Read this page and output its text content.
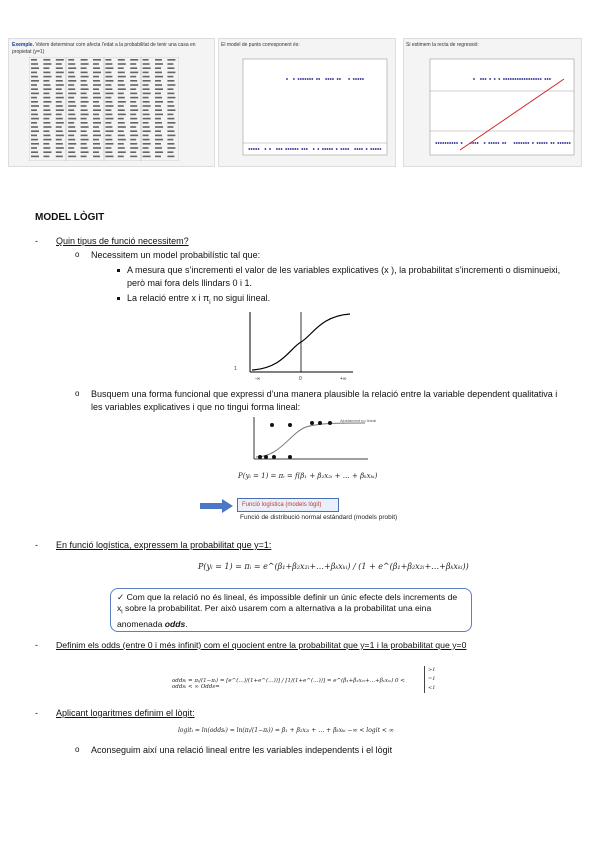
Exemple. Volem determinar com afecta l'edat a la probabilitat de tenir una casa en propietat (y=1)
El model de punts corresponent és:	Si estimem la recta de regressió:
MODEL LÒGIT
- Quin tipus de funció necessitem?
o Necessitem un model probabilístic tal que:
A mesura que s’incrementi el valor de les variables explicatives (x ), la probabilitat s’incrementi o disminueixi, però mai fora dels llindars 0 i 1.
La relació entre x i $\pi_i$ no sigui lineal.
1
-∞	0	+∞
o Busquem una forma funcional que expressi d’una manera plausible la relació entre la variable dependent qualitativa i les variables explicatives i que no tingui forma lineal:
Ajustament no lineal
P(yᵢ = 1) = πᵢ = f(β₁ + β₂x₂ᵢ + … + βₖxₖᵢ)
Funció logística (models lògit)
Funció de distribució normal estàndard (models probit)
- En funció logística, expressem la probabilitat que y=1:
P(yᵢ = 1) = πᵢ = e^(β₁+β₂x₂ᵢ+…+βₖxₖᵢ) / (1 + e^(β₁+β₂x₂ᵢ+…+βₖxₖᵢ))
✓ Com que la relació no és lineal, és impossible definir un únic efecte dels increments de $x_i$ sobre la probabilitat. Per això usarem com a alternativa a la probabilitat una eina anomenada odds.
- Definim els odds (entre 0 i més infinit) com el quocient entre la probabilitat que y=1 i la probabilitat que y=0
oddsᵢ = πᵢ/(1−πᵢ) = [e^(…)/(1+e^(…))] / [1/(1+e^(…))] = e^(β₁+β₂x₂ᵢ+…+βₖxₖᵢ) 0 < oddsᵢ < ∞ Odds=
>1
=1
<1
- Aplicant logaritmes definim el lògit:
logitᵢ = ln(oddsᵢ) = ln(πᵢ/(1−πᵢ)) = β₁ + β₂x₂ᵢ + … + βₖxₖᵢ −∞ < logit < ∞
o Aconseguim així una relació lineal entre les variables independents i el lògit
